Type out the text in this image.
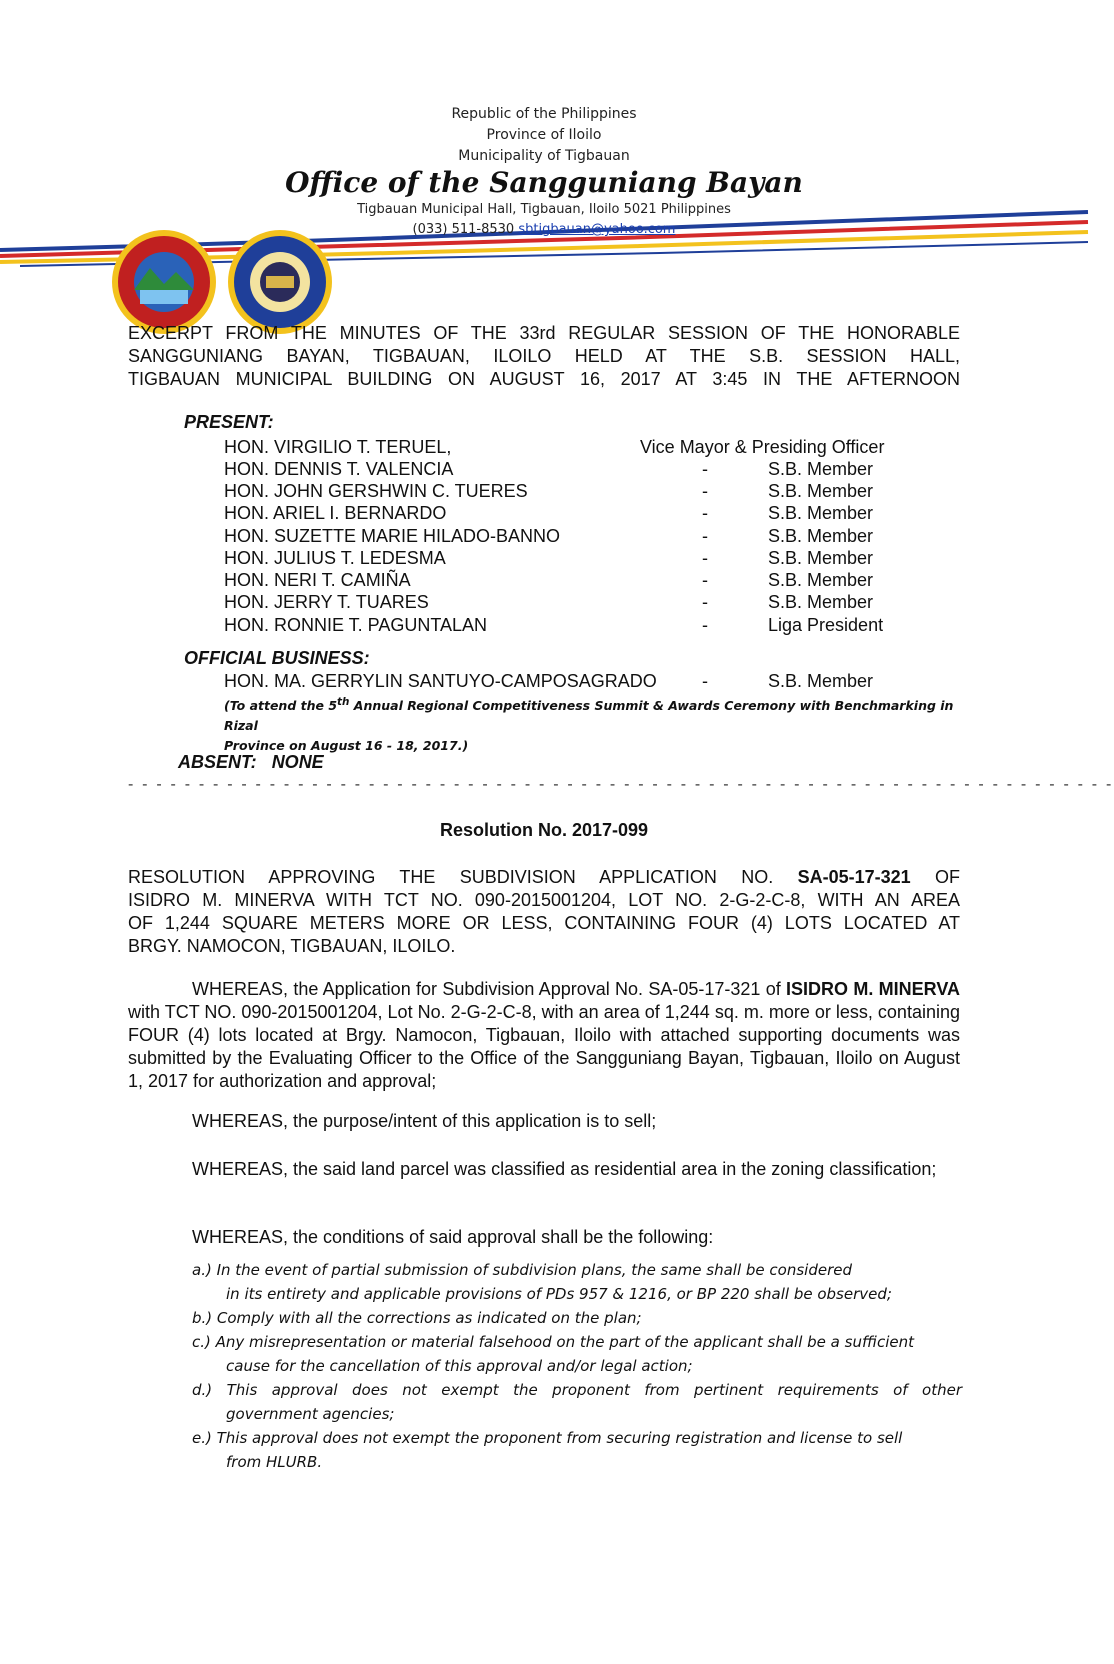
Republic of the Philippines
Province of Iloilo
Municipality of Tigbauan
Office of the Sangguniang Bayan
Tigbauan Municipal Hall, Tigbauan, Iloilo 5021 Philippines
(033) 511-8530 sbtigbauan@yahoo.com
EXCERPT FROM THE MINUTES OF THE 33rd REGULAR SESSION OF THE HONORABLE
SANGGUNIANG BAYAN, TIGBAUAN, ILOILO HELD AT THE S.B. SESSION HALL,
TIGBAUAN MUNICIPAL BUILDING ON AUGUST 16, 2017 AT 3:45 IN THE AFTERNOON
PRESENT:
HON. VIRGILIO T. TERUEL,	Vice Mayor & Presiding Officer
HON. DENNIS T. VALENCIA	-	S.B. Member
HON. JOHN GERSHWIN C. TUERES	-	S.B. Member
HON. ARIEL I. BERNARDO	-	S.B. Member
HON. SUZETTE MARIE HILADO-BANNO	-	S.B. Member
HON. JULIUS T. LEDESMA	-	S.B. Member
HON. NERI T. CAMIÑA	-	S.B. Member
HON. JERRY T. TUARES	-	S.B. Member
HON. RONNIE T. PAGUNTALAN	-	Liga President
OFFICIAL BUSINESS:
HON. MA. GERRYLIN SANTUYO-CAMPOSAGRADO	-	S.B. Member
(To attend the 5th Annual Regional Competitiveness Summit & Awards Ceremony with Benchmarking in Rizal
Province on August 16 - 18, 2017.)
ABSENT: NONE
- - - - - - - - - - - - - - - - - - - - - - - - - - - - - - - - - - - - - - - - - - - - - - - - - - - - - - - - - - - - - - - - - - - - - -
Resolution No. 2017-099
RESOLUTION APPROVING THE SUBDIVISION APPLICATION NO. SA-05-17-321 OF
ISIDRO M. MINERVA WITH TCT NO. 090-2015001204, LOT NO. 2-G-2-C-8, WITH AN AREA
OF 1,244 SQUARE METERS MORE OR LESS, CONTAINING FOUR (4) LOTS LOCATED AT
BRGY. NAMOCON, TIGBAUAN, ILOILO.
WHEREAS, the Application for Subdivision Approval No. SA-05-17-321 of ISIDRO M. MINERVA with TCT NO. 090-2015001204, Lot No. 2-G-2-C-8, with an area of 1,244 sq. m. more or less, containing FOUR (4) lots located at Brgy. Namocon, Tigbauan, Iloilo with attached supporting documents was submitted by the Evaluating Officer to the Office of the Sangguniang Bayan, Tigbauan, Iloilo on August 1, 2017 for authorization and approval;
WHEREAS, the purpose/intent of this application is to sell;
WHEREAS, the said land parcel was classified as residential area in the zoning classification;
WHEREAS, the conditions of said approval shall be the following:
a.) In the event of partial submission of subdivision plans, the same shall be considered
in its entirety and applicable provisions of PDs 957 & 1216, or BP 220 shall be observed;
b.) Comply with all the corrections as indicated on the plan;
c.) Any misrepresentation or material falsehood on the part of the applicant shall be a sufficient
cause for the cancellation of this approval and/or legal action;
d.) This approval does not exempt the proponent from pertinent requirements of other
government agencies;
e.) This approval does not exempt the proponent from securing registration and license to sell
from HLURB.
